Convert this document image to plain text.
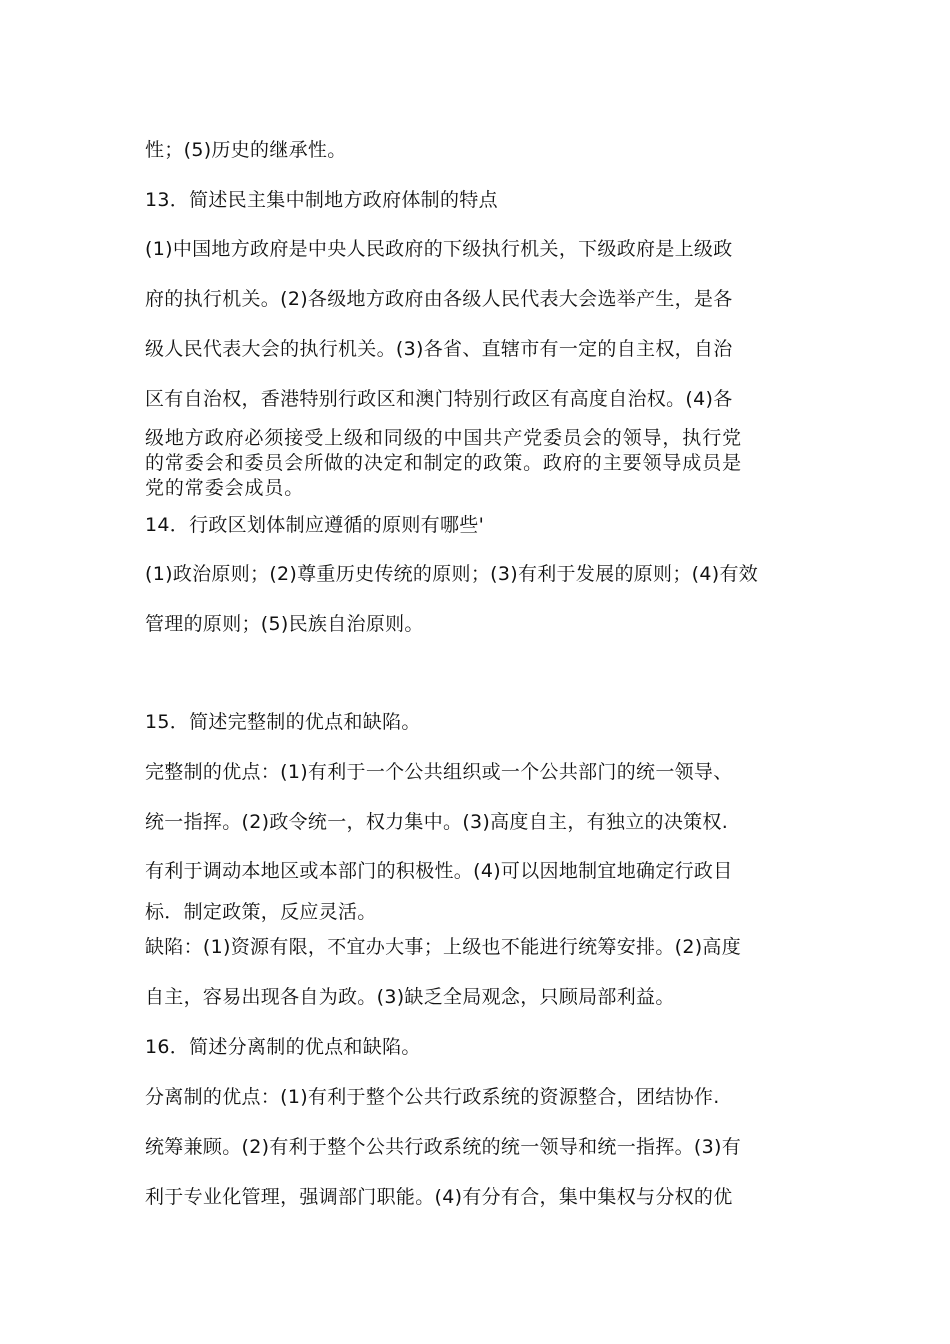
性；(5)历史的继承性。
13．简述民主集中制地方政府体制的特点
(1)中国地方政府是中央人民政府的下级执行机关，下级政府是上级政
府的执行机关。(2)各级地方政府由各级人民代表大会选举产生，是各
级人民代表大会的执行机关。(3)各省、直辖市有一定的自主权，自治
区有自治权，香港特别行政区和澳门特别行政区有高度自治权。(4)各
级地方政府必须接受上级和同级的中国共产党委员会的领导，执行党
的常委会和委员会所做的决定和制定的政策。政府的主要领导成员是
党的常委会成员。
14．行政区划体制应遵循的原则有哪些'
(1)政治原则；(2)尊重历史传统的原则；(3)有利于发展的原则；(4)有效
管理的原则；(5)民族自治原则。
15．简述完整制的优点和缺陷。
完整制的优点：(1)有利于一个公共组织或一个公共部门的统一领导、
统一指挥。(2)政令统一，权力集中。(3)高度自主，有独立的决策权.
有利于调动本地区或本部门的积极性。(4)可以因地制宜地确定行政目
标．制定政策，反应灵活。
缺陷：(1)资源有限，不宜办大事；上级也不能进行统筹安排。(2)高度
自主，容易出现各自为政。(3)缺乏全局观念，只顾局部利益。
16．简述分离制的优点和缺陷。
分离制的优点：(1)有利于整个公共行政系统的资源整合，团结协作.
统筹兼顾。(2)有利于整个公共行政系统的统一领导和统一指挥。(3)有
利于专业化管理，强调部门职能。(4)有分有合，集中集权与分权的优
